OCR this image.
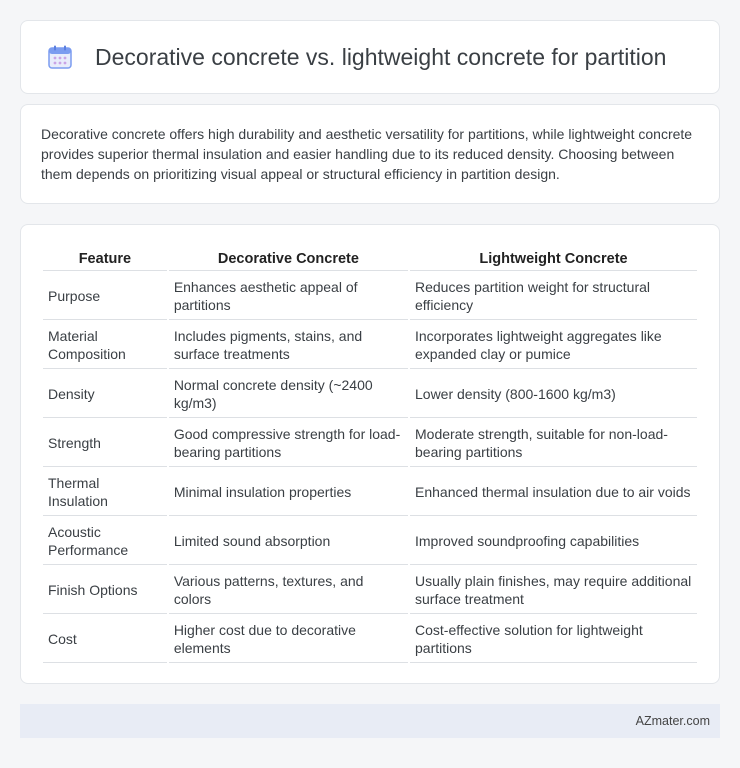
Decorative concrete vs. lightweight concrete for partition

Decorative concrete offers high durability and aesthetic versatility for partitions, while lightweight concrete provides superior thermal insulation and easier handling due to its reduced density. Choosing between them depends on prioritizing visual appeal or structural efficiency in partition design.

Feature	Decorative Concrete	Lightweight Concrete
Purpose	Enhances aesthetic appeal of partitions	Reduces partition weight for structural efficiency
Material Composition	Includes pigments, stains, and surface treatments	Incorporates lightweight aggregates like expanded clay or pumice
Density	Normal concrete density (~2400 kg/m3)	Lower density (800-1600 kg/m3)
Strength	Good compressive strength for load-bearing partitions	Moderate strength, suitable for non-load-bearing partitions
Thermal Insulation	Minimal insulation properties	Enhanced thermal insulation due to air voids
Acoustic Performance	Limited sound absorption	Improved soundproofing capabilities
Finish Options	Various patterns, textures, and colors	Usually plain finishes, may require additional surface treatment
Cost	Higher cost due to decorative elements	Cost-effective solution for lightweight partitions
AZmater.com
